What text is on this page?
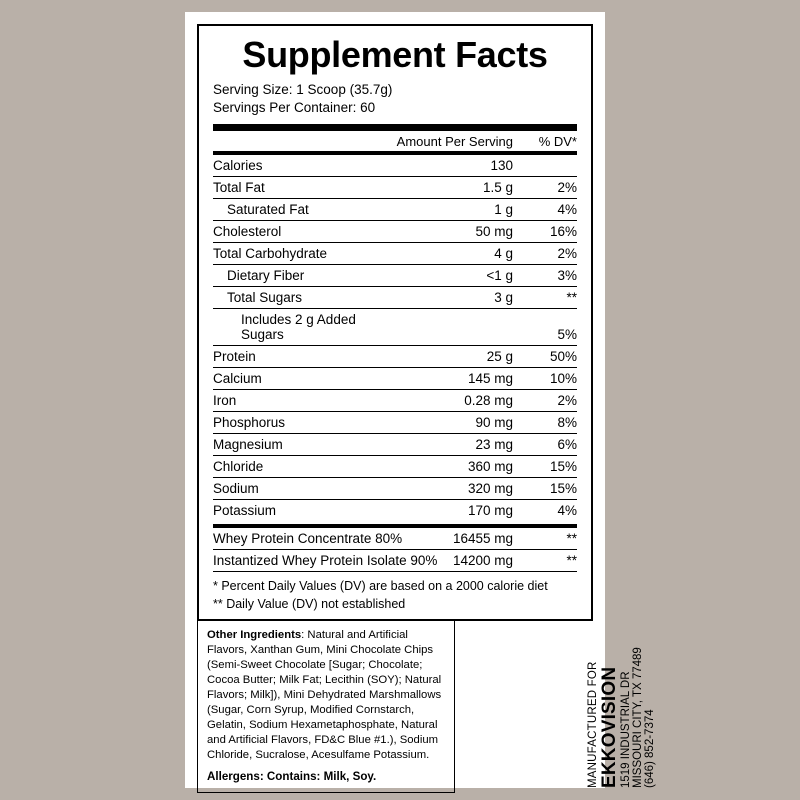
Supplement Facts
Serving Size: 1 Scoop (35.7g)
Servings Per Container: 60
	Amount Per Serving	% DV*
Calories	130	
Total Fat	1.5 g	2%
Saturated Fat	1 g	4%
Cholesterol	50 mg	16%
Total Carbohydrate	4 g	2%
Dietary Fiber	<1 g	3%
Total Sugars	3 g	**
Includes 2 g Added Sugars		5%
Protein	25 g	50%
Calcium	145 mg	10%
Iron	0.28 mg	2%
Phosphorus	90 mg	8%
Magnesium	23 mg	6%
Chloride	360 mg	15%
Sodium	320 mg	15%
Potassium	170 mg	4%
Whey Protein Concentrate 80%	16455 mg	**
Instantized Whey Protein Isolate 90%	14200 mg	**
* Percent Daily Values (DV) are based on a 2000 calorie diet
** Daily Value (DV) not established
Other Ingredients: Natural and Artificial Flavors, Xanthan Gum, Mini Chocolate Chips (Semi-Sweet Chocolate [Sugar; Chocolate; Cocoa Butter; Milk Fat; Lecithin (SOY); Natural Flavors; Milk]), Mini Dehydrated Marshmallows (Sugar, Corn Syrup, Modified Cornstarch, Gelatin, Sodium Hexametaphosphate, Natural and Artificial Flavors, FD&C Blue #1.), Sodium Chloride, Sucralose, Acesulfame Potassium.
Allergens: Contains: Milk, Soy.	MANUFACTURED FOR EKKOVISION 1519 INDUSTRIAL DR MISSOURI CITY, TX 77489 (646) 852-7374
